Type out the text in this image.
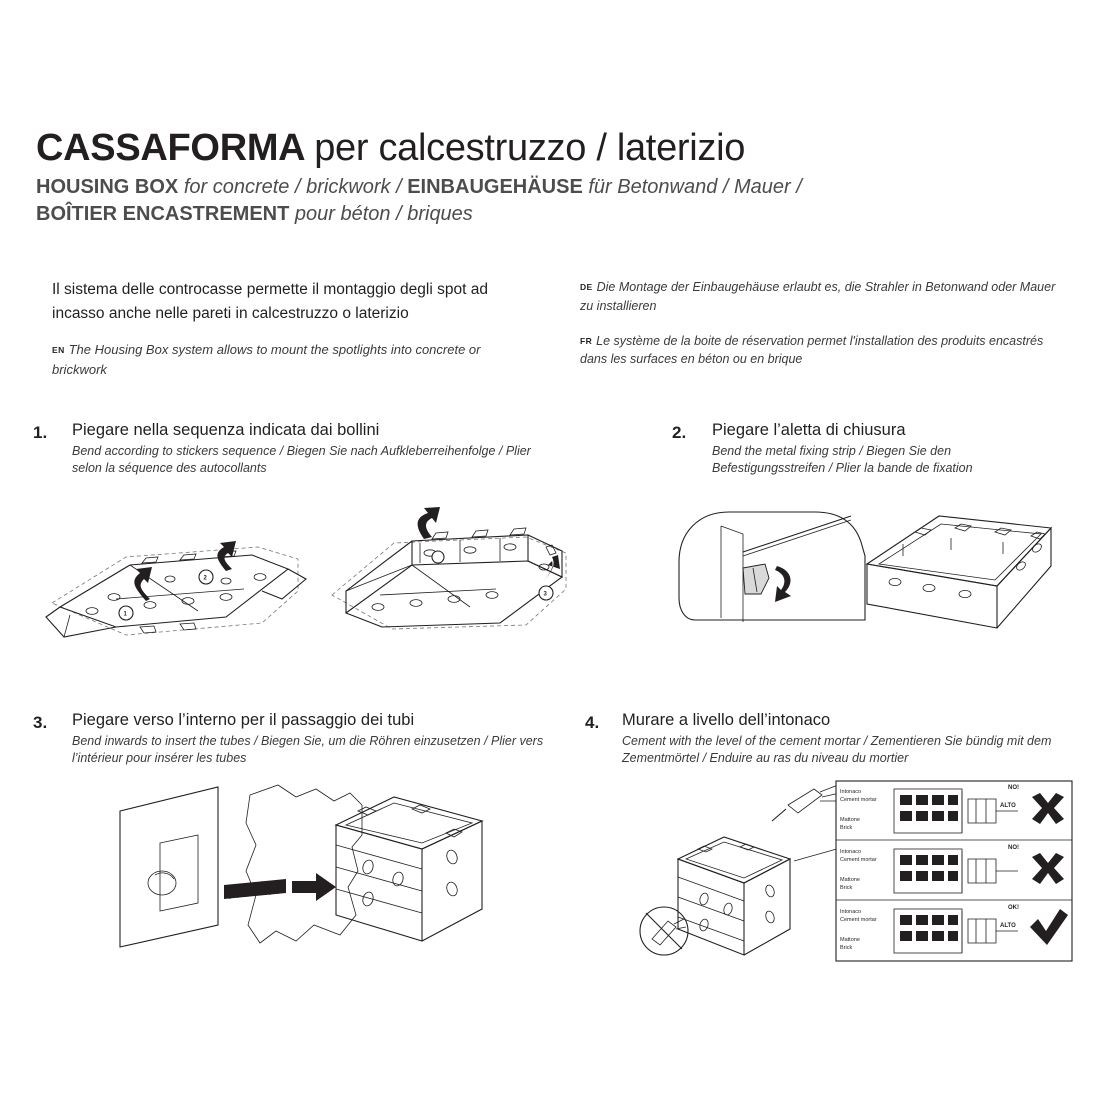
CASSAFORMA per calcestruzzo / laterizio
HOUSING BOX for concrete / brickwork / EINBAUGEHÄUSE für Betonwand / Mauer /
BOÎTIER ENCASTREMENT pour béton / briques
Il sistema delle controcasse permette il montaggio degli spot ad incasso anche nelle pareti in calcestruzzo o laterizio
EN The Housing Box system allows to mount the spotlights into concrete or brickwork
DE Die Montage der Einbaugehäuse erlaubt es, die Strahler in Betonwand oder Mauer zu installieren
FR Le système de la boite de réservation permet l'installation des produits encastrés dans les surfaces en béton ou en brique
1. Piegare nella sequenza indicata dai bollini
Bend according to stickers sequence / Biegen Sie nach Aufkleberreihenfolge / Plier selon la séquence des autocollants
2. Piegare l’aletta di chiusura
Bend the metal fixing strip / Biegen Sie den Befestigungsstreifen / Plier la bande de fixation
3. Piegare verso l’interno per il passaggio dei tubi
Bend inwards to insert the tubes / Biegen Sie, um die Röhren einzusetzen / Plier vers l’intérieur pour insérer les tubes
4. Murare a livello dell’intonaco
Cement with the level of the cement mortar / Zementieren Sie bündig mit dem Zementmörtel / Enduire au ras du niveau du mortier
1
2
3
Intonaco
Cement mortar
Mattone
Brick
ALTO
NO!
Intonaco
Cement mortar
Mattone
Brick
NO!
Intonaco
Cement mortar
Mattone
Brick
ALTO
OK!
